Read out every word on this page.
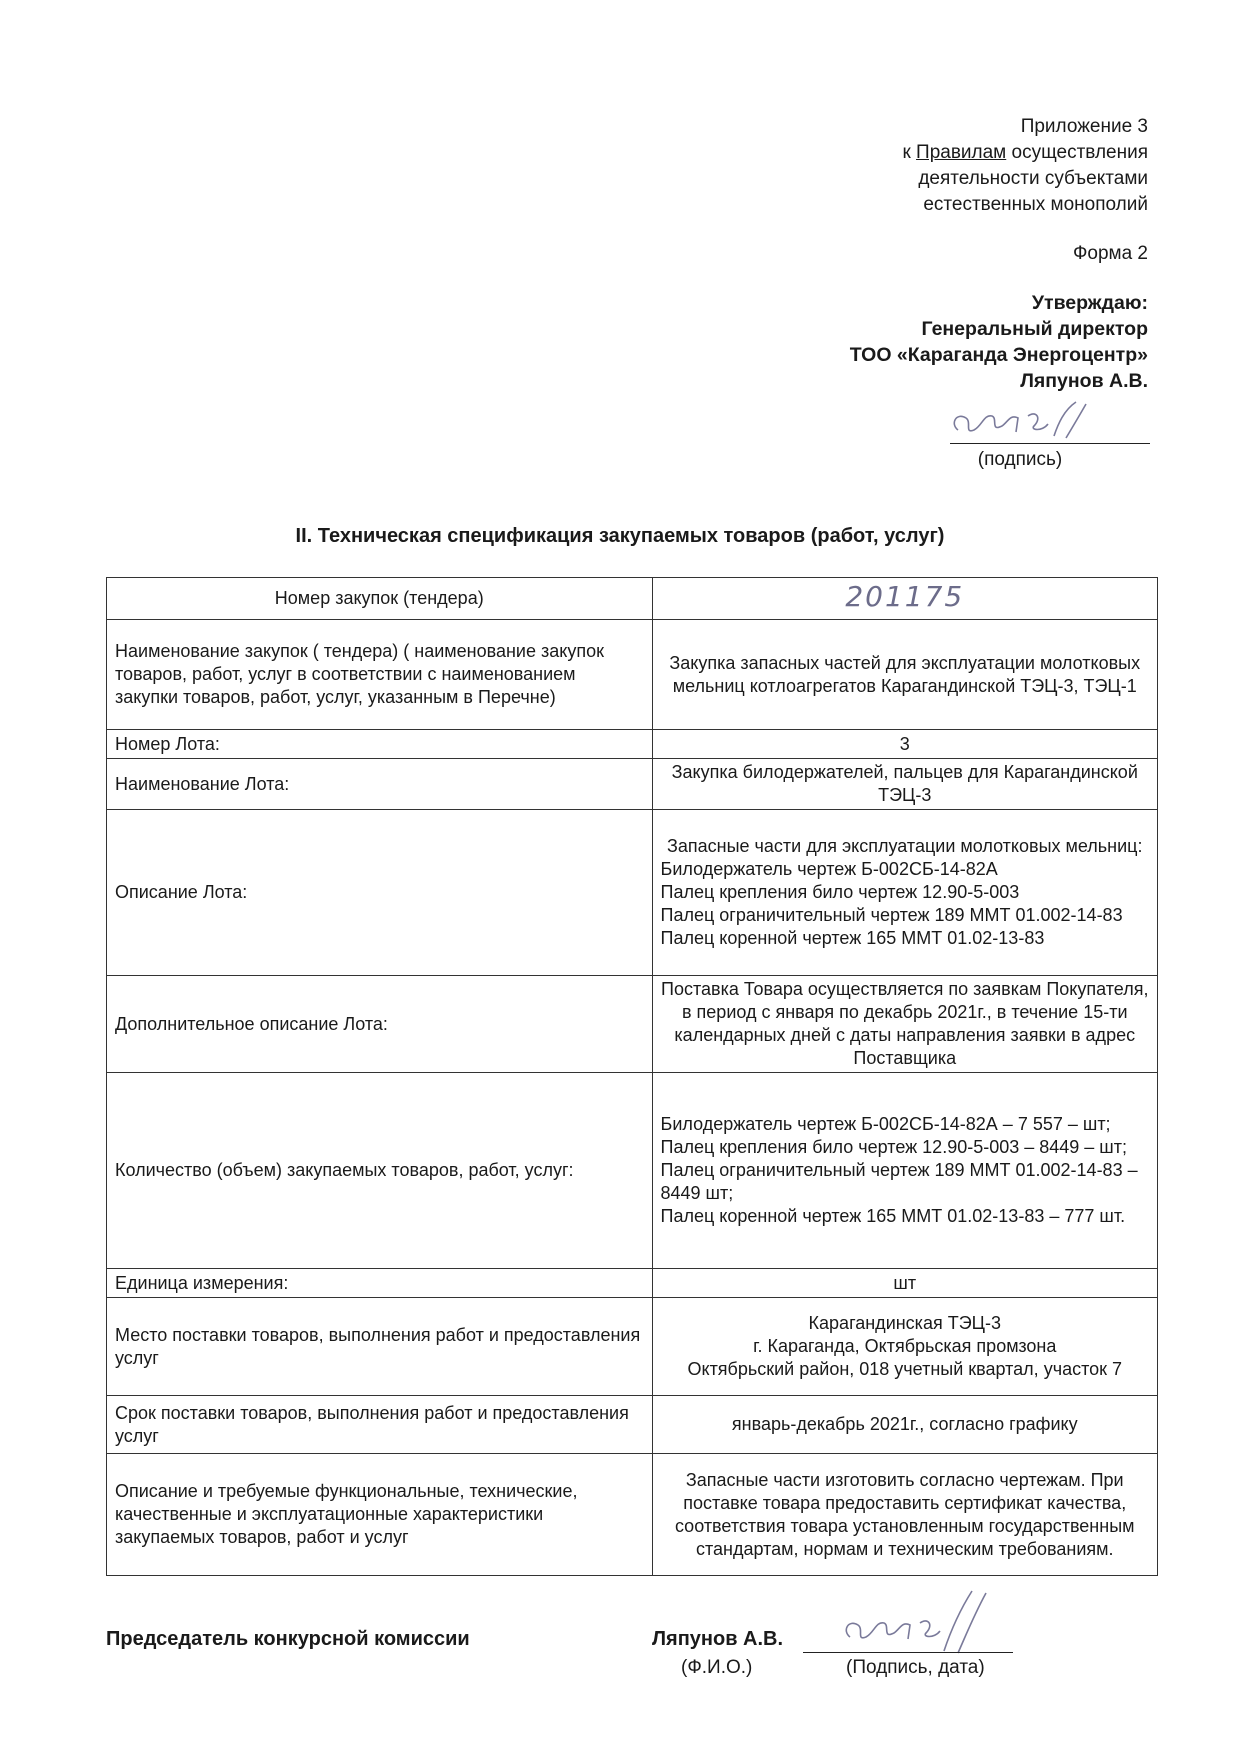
Приложение 3
к Правилам осуществления
деятельности субъектами
естественных монополий
Форма 2
Утверждаю:
Генеральный директор
ТОО «Караганда Энергоцентр»
Ляпунов А.В.
(подпись)
II. Техническая спецификация закупаемых товаров (работ, услуг)
Номер закупок (тендера)	201175
Наименование закупок ( тендера) ( наименование закупок товаров, работ, услуг в соответствии с наименованием закупки товаров, работ, услуг, указанным в Перечне)	Закупка запасных частей для эксплуатации молотковых мельниц котлоагрегатов Карагандинской ТЭЦ-3, ТЭЦ-1
Номер Лота:	3
Наименование Лота:	Закупка билодержателей, пальцев для Карагандинской ТЭЦ-3
Описание Лота:	Запасные части для эксплуатации молотковых мельниц:
Билодержатель чертеж Б-002СБ-14-82А
Палец крепления било чертеж 12.90-5-003
Палец ограничительный чертеж 189 ММТ 01.002-14-83
Палец коренной чертеж 165 ММТ 01.02-13-83

Дополнительное описание Лота:	Поставка Товара осуществляется по заявкам Покупателя, в период с января по декабрь 2021г., в течение 15-ти календарных дней с даты направления заявки в адрес Поставщика
Количество (объем) закупаемых товаров, работ, услуг:	Билодержатель чертеж Б-002СБ-14-82А – 7 557 – шт;
Палец крепления било чертеж 12.90-5-003 – 8449 – шт;
Палец ограничительный чертеж 189 ММТ 01.002-14-83 – 8449 шт;
Палец коренной чертеж 165 ММТ 01.02-13-83 – 777 шт.

Единица измерения:	шт
Место поставки товаров, выполнения работ и предоставления услуг	Карагандинская ТЭЦ-3
г. Караганда, Октябрьская промзона
Октябрьский район, 018 учетный квартал, участок 7

Срок поставки товаров, выполнения работ и предоставления услуг	январь-декабрь 2021г., согласно графику
Описание и требуемые функциональные, технические, качественные и эксплуатационные характеристики закупаемых товаров, работ и услуг	Запасные части изготовить согласно чертежам. При поставке товара предоставить сертификат качества, соответствия товара установленным государственным стандартам, нормам и техническим требованиям.
Председатель конкурсной комиссии	Ляпунов А.В.
(Ф.И.О.)	(Подпись, дата)
